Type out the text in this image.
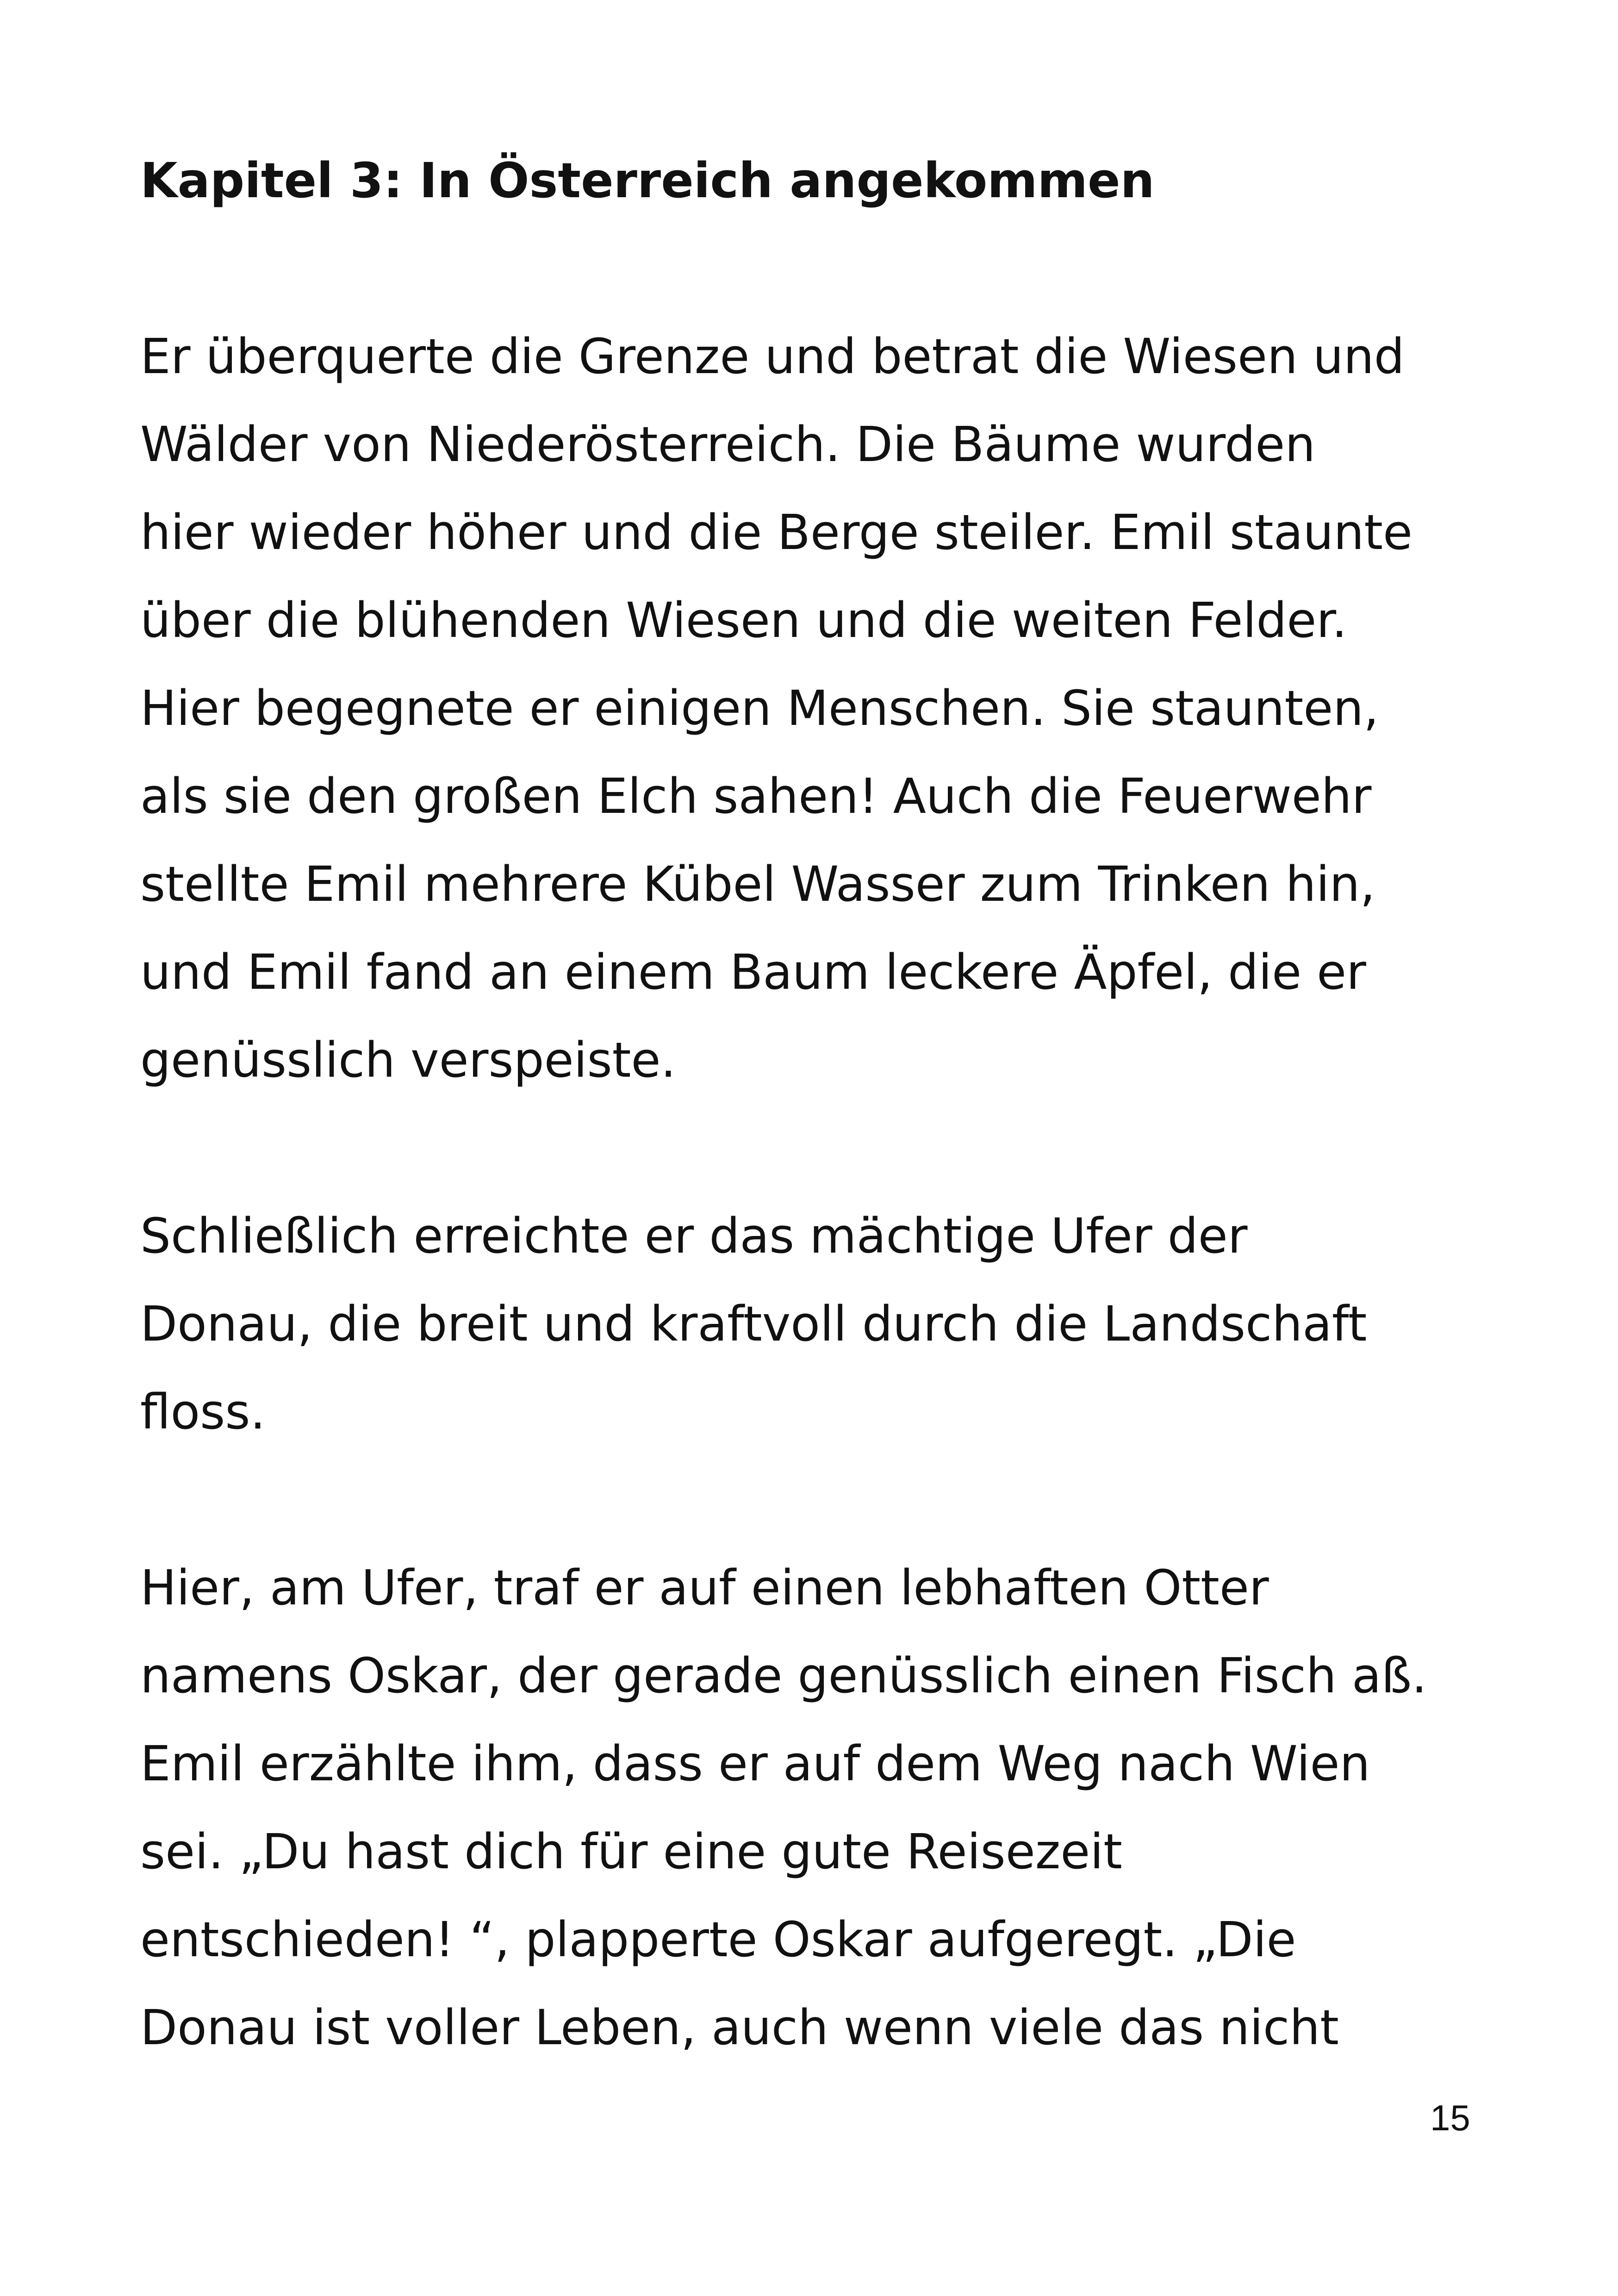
Kapitel 3: In Österreich angekommen

Er überquerte die Grenze und betrat die Wiesen und

Wälder von Niederösterreich. Die Bäume wurden

hier wieder höher und die Berge steiler. Emil staunte

über die blühenden Wiesen und die weiten Felder.

Hier begegnete er einigen Menschen. Sie staunten,

als sie den großen Elch sahen! Auch die Feuerwehr

stellte Emil mehrere Kübel Wasser zum Trinken hin,

und Emil fand an einem Baum leckere Äpfel, die er

genüsslich verspeiste.

Schließlich erreichte er das mächtige Ufer der

Donau, die breit und kraftvoll durch die Landschaft

floss.

Hier, am Ufer, traf er auf einen lebhaften Otter

namens Oskar, der gerade genüsslich einen Fisch aß.

Emil erzählte ihm, dass er auf dem Weg nach Wien

sei. „Du hast dich für eine gute Reisezeit

entschieden! “, plapperte Oskar aufgeregt. „Die

Donau ist voller Leben, auch wenn viele das nicht

15
